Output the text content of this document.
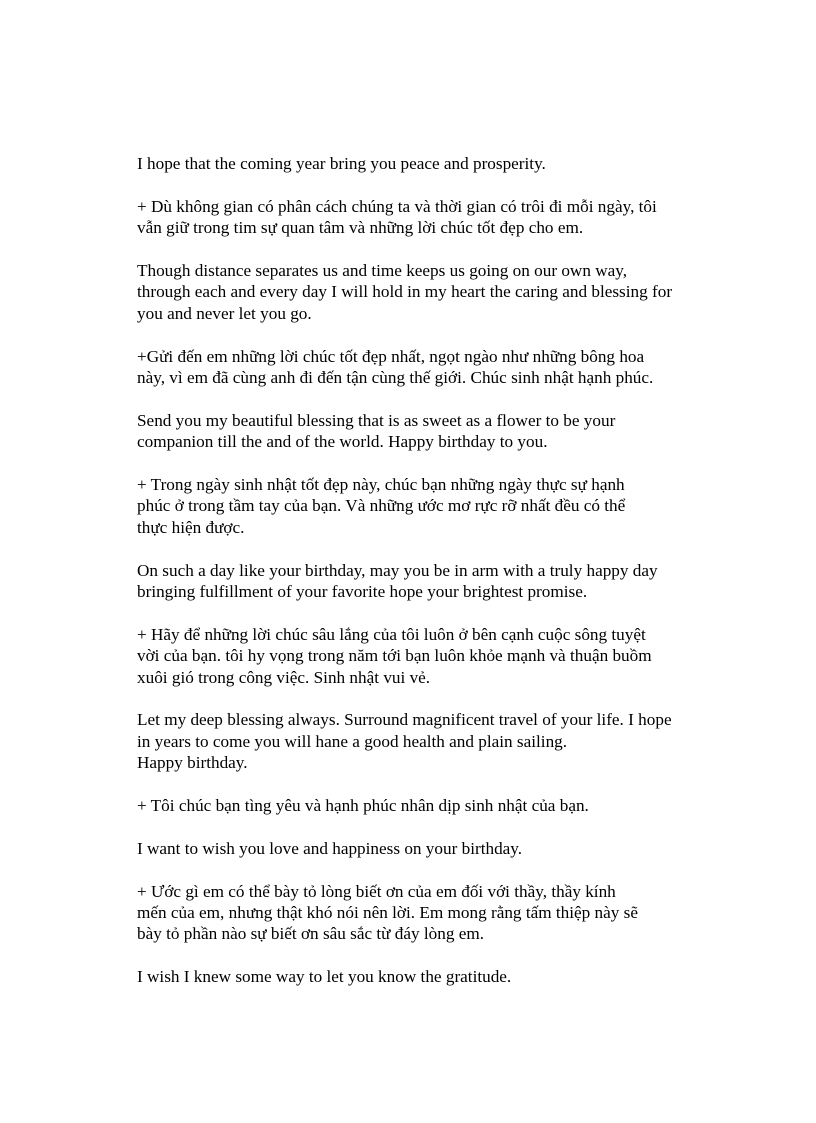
I hope that the coming year bring you peace and prosperity.

+ Dù không gian có phân cách chúng ta và thời gian có trôi đi mỗi ngày, tôi
vẫn giữ trong tim sự quan tâm và những lời chúc tốt đẹp cho em.

Though distance separates us and time keeps us going on our own way,
through each and every day I will hold in my heart the caring and blessing for
you and never let you go.

+Gửi đến em những lời chúc tốt đẹp nhất, ngọt ngào như những bông hoa
này, vì em đã cùng anh đi đến tận cùng thế giới. Chúc sinh nhật hạnh phúc.

Send you my beautiful blessing that is as sweet as a flower to be your
companion till the and of the world. Happy birthday to you.

+ Trong ngày sinh nhật tốt đẹp này, chúc bạn những ngày thực sự hạnh
phúc ở trong tầm tay của bạn. Và những ước mơ rực rỡ nhất đều có thể
thực hiện được.

On such a day like your birthday, may you be in arm with a truly happy day
bringing fulfillment of your favorite hope your brightest promise.

+ Hãy để những lời chúc sâu lắng của tôi luôn ở bên cạnh cuộc sông tuyệt
vời của bạn. tôi hy vọng trong năm tới bạn luôn khỏe mạnh và thuận buồm
xuôi gió trong công việc. Sinh nhật vui vẻ.

Let my deep blessing always. Surround magnificent travel of your life. I hope
in years to come you will hane a good health and plain sailing.
Happy birthday.

+ Tôi chúc bạn tìng yêu và hạnh phúc nhân dịp sinh nhật của bạn.

I want to wish you love and happiness on your birthday.

+ Ước gì em có thể bày tỏ lòng biết ơn của em đối với thầy, thầy kính
mến của em, nhưng thật khó nói nên lời. Em mong rằng tấm thiệp này sẽ
bày tỏ phần nào sự biết ơn sâu sắc từ đáy lòng em.

I wish I knew some way to let you know the gratitude.
